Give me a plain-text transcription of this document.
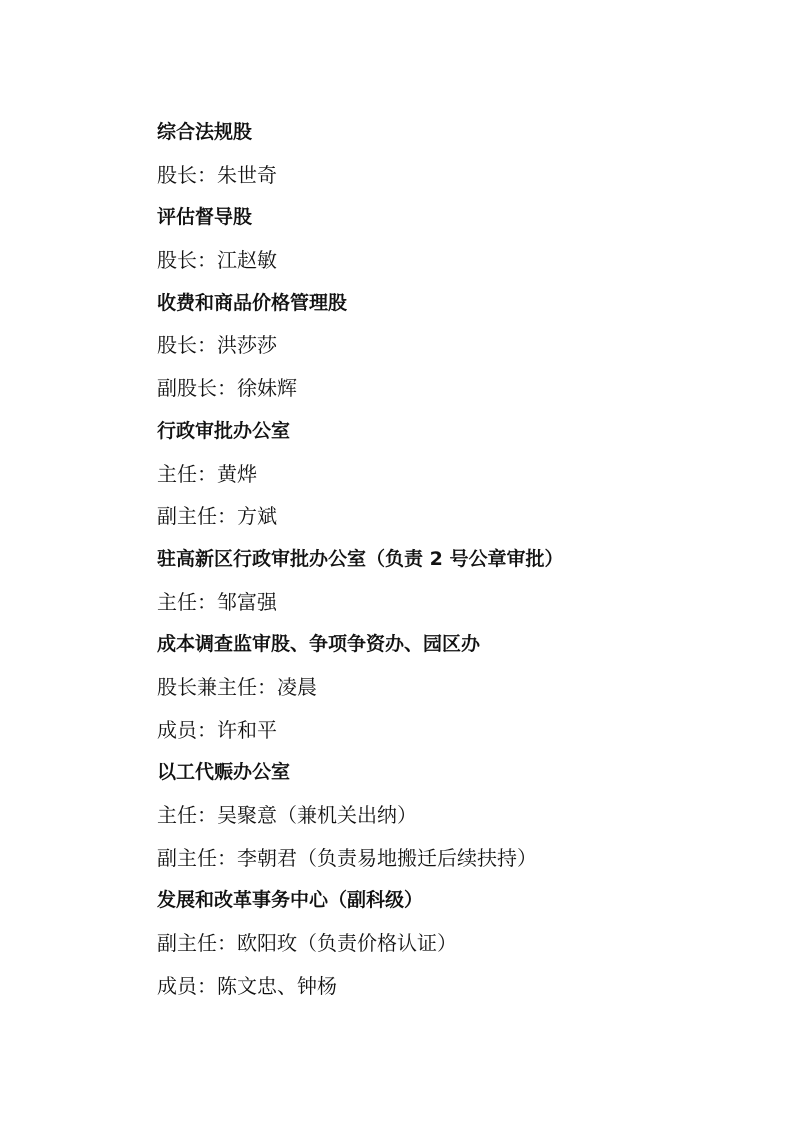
综合法规股
股长：朱世奇
评估督导股
股长：江赵敏
收费和商品价格管理股
股长：洪莎莎
副股长：徐妹辉
行政审批办公室
主任：黄烨
副主任：方斌
驻高新区行政审批办公室（负责 2 号公章审批）
主任：邹富强
成本调查监审股、争项争资办、园区办
股长兼主任：凌晨
成员：许和平
以工代赈办公室
主任：吴聚意（兼机关出纳）
副主任：李朝君（负责易地搬迁后续扶持）
发展和改革事务中心（副科级）
副主任：欧阳玫（负责价格认证）
成员：陈文忠、钟杨
